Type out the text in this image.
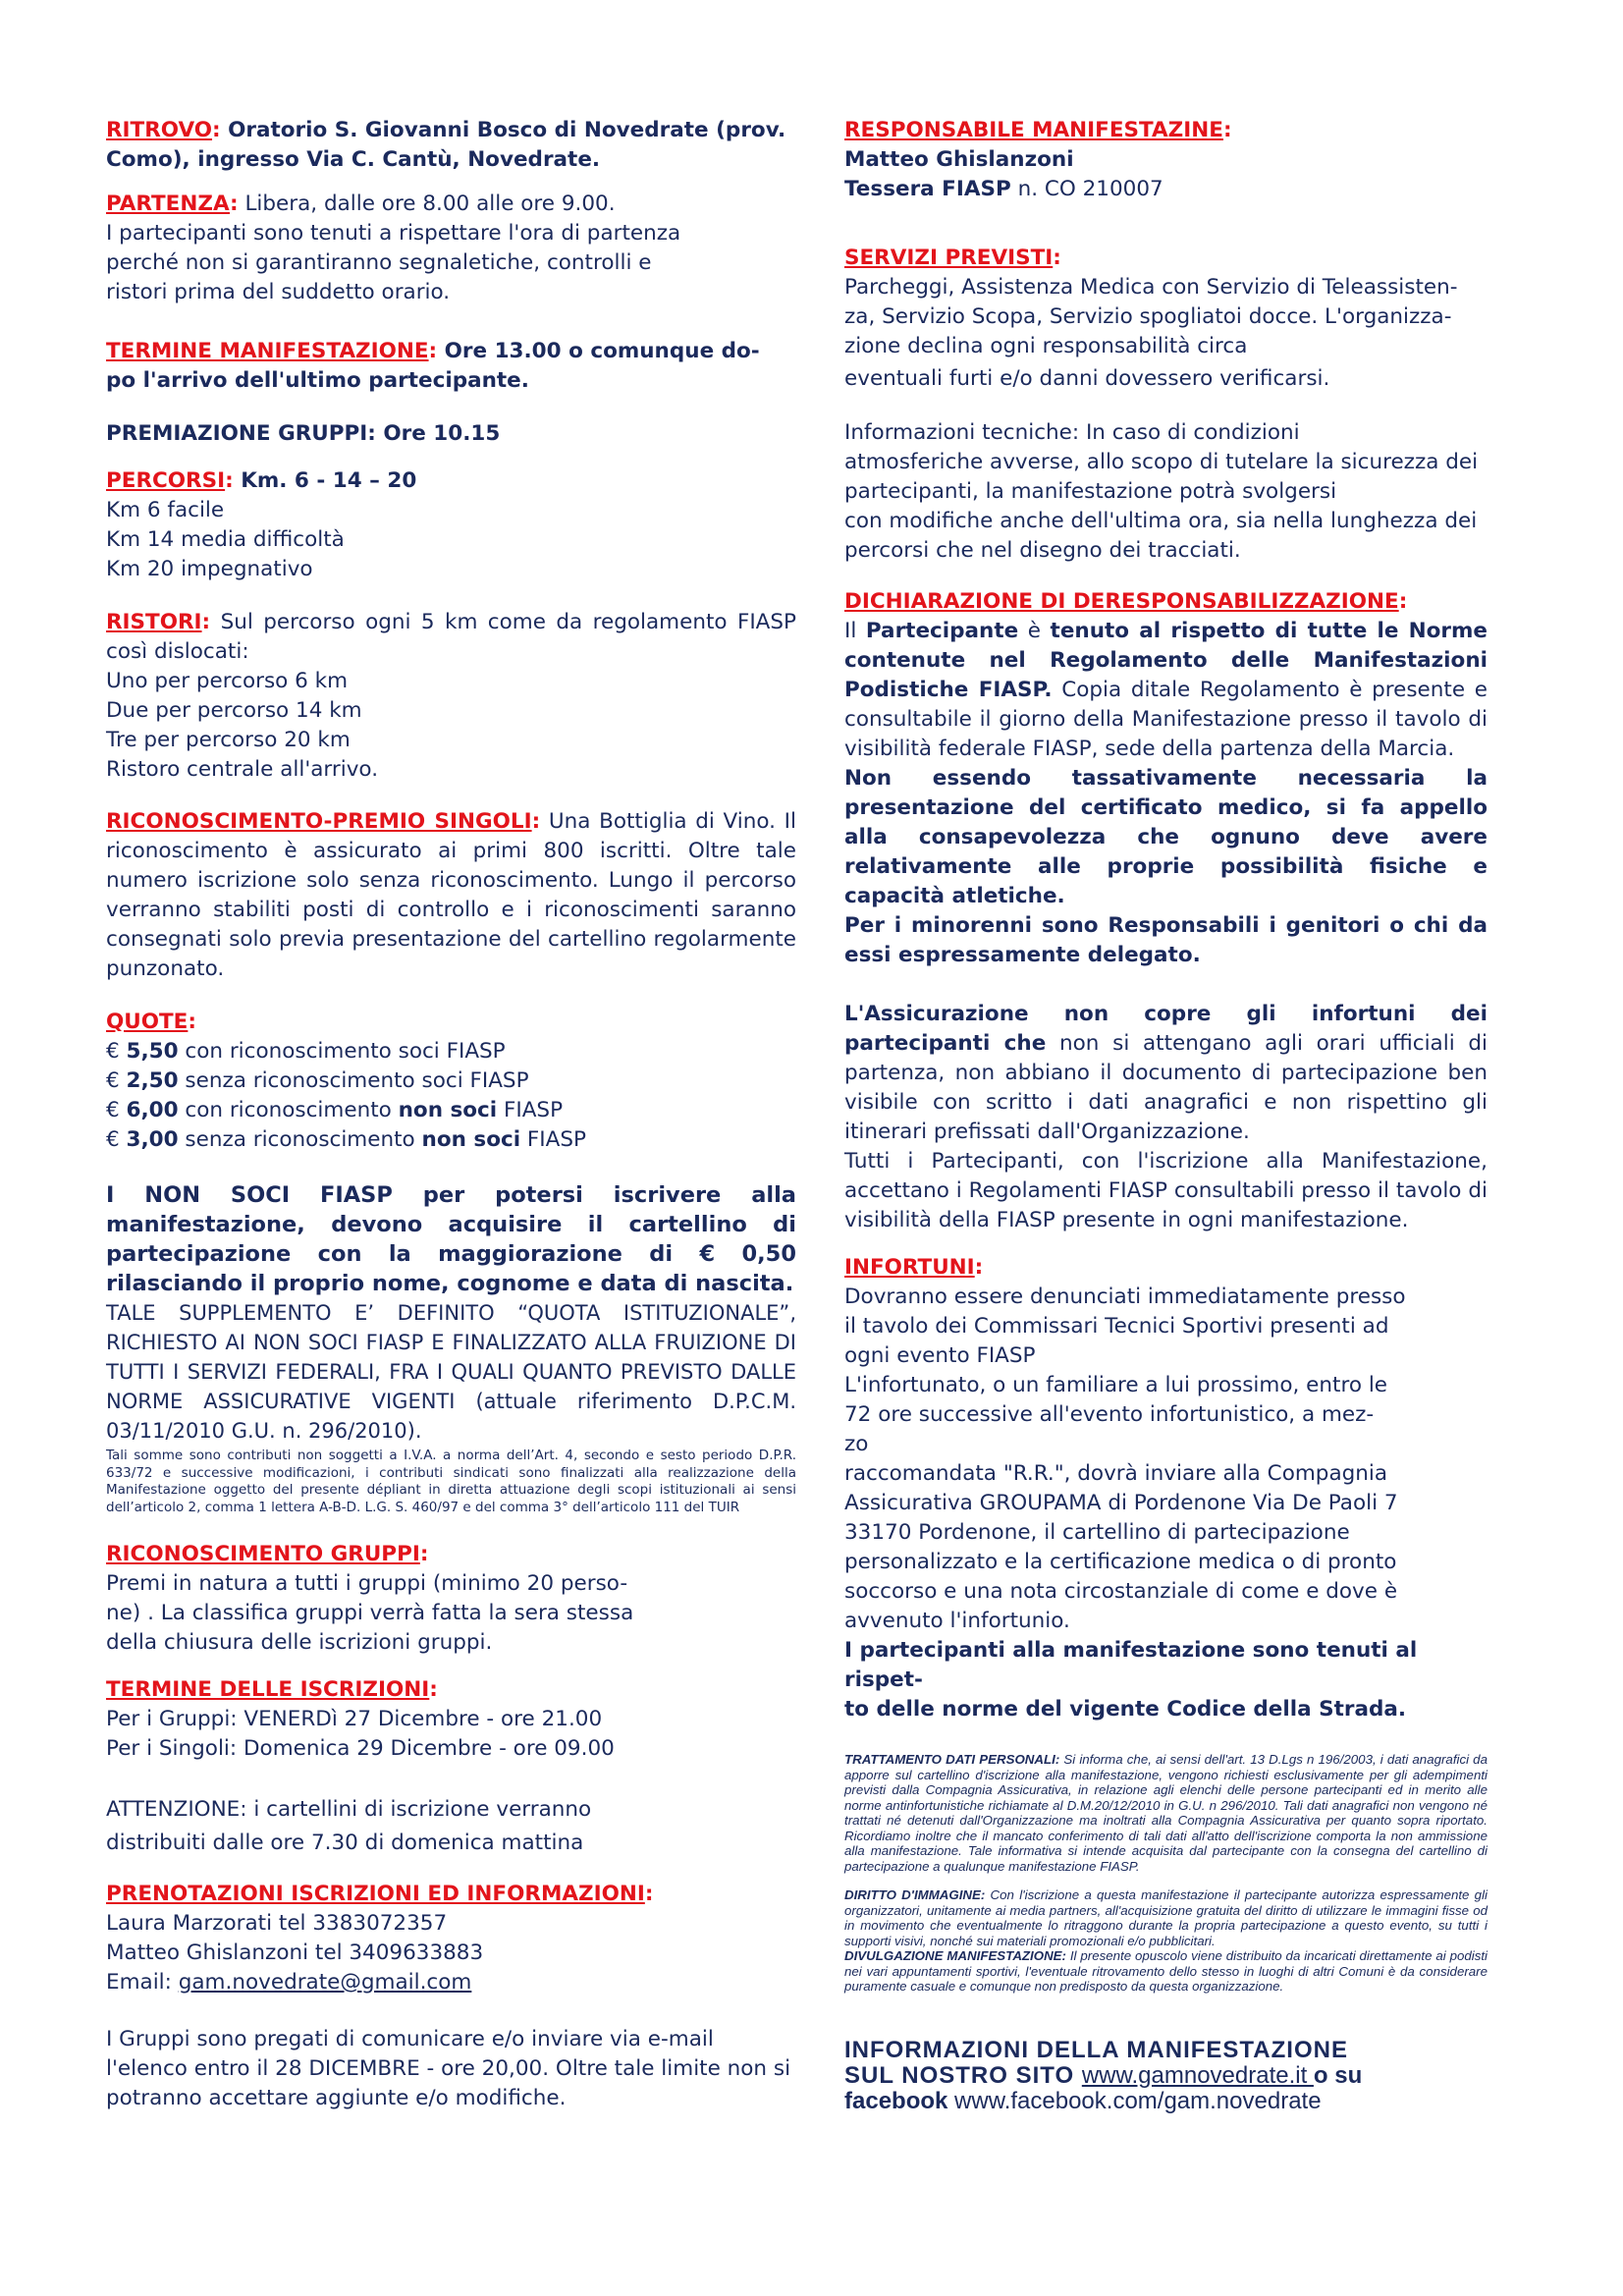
RITROVO: Oratorio S. Giovanni Bosco di Novedrate (prov. Como), ingresso Via C. Cantù, Novedrate.

PARTENZA: Libera, dalle ore 8.00 alle ore 9.00.

I partecipanti sono tenuti a rispettare l'ora di partenza

perché non si garantiranno segnaletiche, controlli e

ristori prima del suddetto orario.

TERMINE MANIFESTAZIONE: Ore 13.00 o comunque do-

po l'arrivo dell'ultimo partecipante.

PREMIAZIONE GRUPPI: Ore 10.15

PERCORSI: Km. 6 - 14 – 20

Km 6 facile

Km 14 media difficoltà

Km 20 impegnativo

RISTORI: Sul percorso ogni 5 km come da regolamento FIASP così dislocati:

Uno per percorso 6 km

Due per percorso 14 km

Tre per percorso 20 km

Ristoro centrale all'arrivo.

RICONOSCIMENTO-PREMIO SINGOLI: Una Bottiglia di Vino. Il riconoscimento è assicurato ai primi 800 iscritti. Oltre tale numero iscrizione solo senza riconoscimento. Lungo il percorso verranno stabiliti posti di controllo e i riconoscimenti saranno consegnati solo previa presentazione del cartellino regolarmente punzonato.

QUOTE:

€ 5,50 con riconoscimento soci FIASP

€ 2,50 senza riconoscimento soci FIASP

€ 6,00 con riconoscimento non soci FIASP

€ 3,00 senza riconoscimento non soci FIASP

I NON SOCI FIASP per potersi iscrivere alla manifestazione, devono acquisire il cartellino di partecipazione con la maggiorazione di € 0,50 rilasciando il proprio nome, cognome e data di nascita.

TALE SUPPLEMENTO E’ DEFINITO “QUOTA ISTITUZIONALE”, RICHIESTO AI NON SOCI FIASP E FINALIZZATO ALLA FRUIZIONE DI TUTTI I SERVIZI FEDERALI, FRA I QUALI QUANTO PREVISTO DALLE NORME ASSICURATIVE VIGENTI (attuale riferimento D.P.C.M. 03/11/2010 G.U. n. 296/2010).

Tali somme sono contributi non soggetti a I.V.A. a norma dell’Art. 4, secondo e sesto periodo D.P.R. 633/72 e successive modificazioni, i contributi sindicati sono finalizzati alla realizzazione della Manifestazione oggetto del presente dépliant in diretta attuazione degli scopi istituzionali ai sensi dell’articolo 2, comma 1 lettera A-B-D. L.G. S. 460/97 e del comma 3° dell’articolo 111 del TUIR

RICONOSCIMENTO GRUPPI:

Premi in natura a tutti i gruppi (minimo 20 perso-

ne) . La classifica gruppi verrà fatta la sera stessa

della chiusura delle iscrizioni gruppi.

TERMINE DELLE ISCRIZIONI:

Per i Gruppi: VENERDì 27 Dicembre - ore 21.00

Per i Singoli: Domenica 29 Dicembre - ore 09.00

ATTENZIONE: i cartellini di iscrizione verranno

distribuiti dalle ore 7.30 di domenica mattina

PRENOTAZIONI ISCRIZIONI ED INFORMAZIONI:

Laura Marzorati tel 3383072357

Matteo Ghislanzoni tel 3409633883

Email: gam.novedrate@gmail.com

I Gruppi sono pregati di comunicare e/o inviare via e-mail l'elenco entro il 28 DICEMBRE - ore 20,00. Oltre tale limite non si potranno accettare aggiunte e/o modifiche.

RESPONSABILE MANIFESTAZINE:

Matteo Ghislanzoni

Tessera FIASP n. CO 210007

SERVIZI PREVISTI:

Parcheggi, Assistenza Medica con Servizio di Teleassisten-

za, Servizio Scopa, Servizio spogliatoi docce. L'organizza-

zione declina ogni responsabilità circa

eventuali furti e/o danni dovessero verificarsi.

Informazioni tecniche: In caso di condizioni

atmosferiche avverse, allo scopo di tutelare la sicurezza dei

partecipanti, la manifestazione potrà svolgersi

con modifiche anche dell'ultima ora, sia nella lunghezza dei

percorsi che nel disegno dei tracciati.

DICHIARAZIONE DI DERESPONSABILIZZAZIONE:

Il Partecipante è tenuto al rispetto di tutte le Norme contenute nel Regolamento delle Manifestazioni Podistiche FIASP. Copia ditale Regolamento è presente e consultabile il giorno della Manifestazione presso il tavolo di visibilità federale FIASP, sede della partenza della Marcia.

Non essendo tassativamente necessaria la presentazione del certificato medico, si fa appello alla consapevolezza che ognuno deve avere relativamente alle proprie possibilità fisiche e capacità atletiche.

Per i minorenni sono Responsabili i genitori o chi da essi espressamente delegato.

L'Assicurazione non copre gli infortuni dei partecipanti che non si attengano agli orari ufficiali di partenza, non abbiano il documento di partecipazione ben visibile con scritto i dati anagrafici e non rispettino gli itinerari prefissati dall'Organizzazione.

Tutti i Partecipanti, con l'iscrizione alla Manifestazione, accettano i Regolamenti FIASP consultabili presso il tavolo di visibilità della FIASP presente in ogni manifestazione.

INFORTUNI:

Dovranno essere denunciati immediatamente presso

il tavolo dei Commissari Tecnici Sportivi presenti ad

ogni evento FIASP

L'infortunato, o un familiare a lui prossimo, entro le

72 ore successive all'evento infortunistico, a mez-

zo

raccomandata "R.R.", dovrà inviare alla Compagnia

Assicurativa GROUPAMA di Pordenone Via De Paoli 7

33170 Pordenone, il cartellino di partecipazione

personalizzato e la certificazione medica o di pronto

soccorso e una nota circostanziale di come e dove è

avvenuto l'infortunio.

I partecipanti alla manifestazione sono tenuti al rispet-

to delle norme del vigente Codice della Strada.

TRATTAMENTO DATI PERSONALI: Si informa che, ai sensi dell'art. 13 D.Lgs n 196/2003, i dati anagrafici da apporre sul cartellino d'iscrizione alla manifestazione, vengono richiesti esclusivamente per gli adempimenti previsti dalla Compagnia Assicurativa, in relazione agli elenchi delle persone partecipanti ed in merito alle norme antinfortunistiche richiamate al D.M.20/12/2010 in G.U. n 296/2010. Tali dati anagrafici non vengono né trattati né detenuti dall'Organizzazione ma inoltrati alla Compagnia Assicurativa per quanto sopra riportato. Ricordiamo inoltre che il mancato conferimento di tali dati all'atto dell'iscrizione comporta la non ammissione alla manifestazione. Tale informativa si intende acquisita dal partecipante con la consegna del cartellino di partecipazione a qualunque manifestazione FIASP.

DIRITTO D'IMMAGINE: Con l'iscrizione a questa manifestazione il partecipante autorizza espressamente gli organizzatori, unitamente ai media partners, all'acquisizione gratuita del diritto di utilizzare le immagini fisse od in movimento che eventualmente lo ritraggono durante la propria partecipazione a questo evento, su tutti i supporti visivi, nonché sui materiali promozionali e/o pubblicitari.

DIVULGAZIONE MANIFESTAZIONE: Il presente opuscolo viene distribuito da incaricati direttamente ai podisti nei vari appuntamenti sportivi, l'eventuale ritrovamento dello stesso in luoghi di altri Comuni è da considerare puramente casuale e comunque non predisposto da questa organizzazione.

INFORMAZIONI DELLA MANIFESTAZIONE

SUL NOSTRO SITO www.gamnovedrate.it o su

facebook www.facebook.com/gam.novedrate
